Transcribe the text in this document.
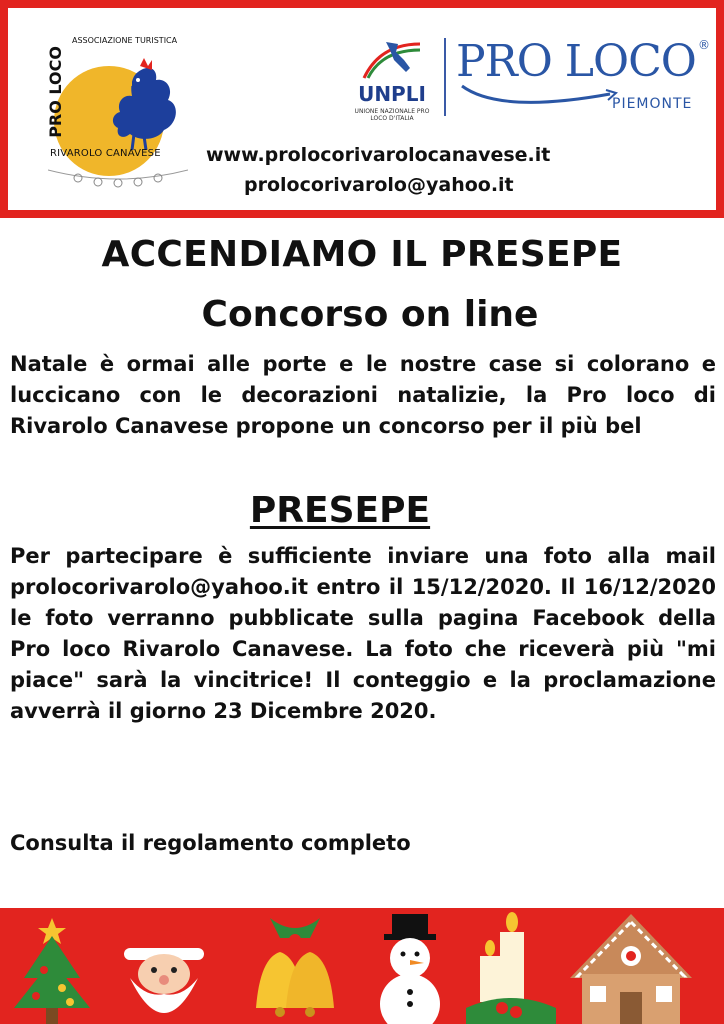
PRO LOCO
ASSOCIAZIONE TURISTICA
RIVAROLO CANAVESE
UNPLI
UNIONE NAZIONALE PRO LOCO D'ITALIA
PRO LOCO ®
PIEMONTE
www.prolocorivarolocanavese.it
prolocorivarolo@yahoo.it
ACCENDIAMO IL PRESEPE
Concorso on line
Natale è ormai alle porte e le nostre case si colorano e luccicano con le decorazioni natalizie, la Pro loco di Rivarolo Canavese propone un concorso per il più bel
PRESEPE
Per partecipare è sufficiente inviare una foto alla mail prolocorivarolo@yahoo.it entro il 15/12/2020. Il 16/12/2020 le foto verranno pubblicate sulla pagina Facebook della Pro loco Rivarolo Canavese. La foto che riceverà più "mi piace" sarà la vincitrice! Il conteggio e la proclamazione avverrà il giorno 23 Dicembre 2020.
Consulta il regolamento completo
